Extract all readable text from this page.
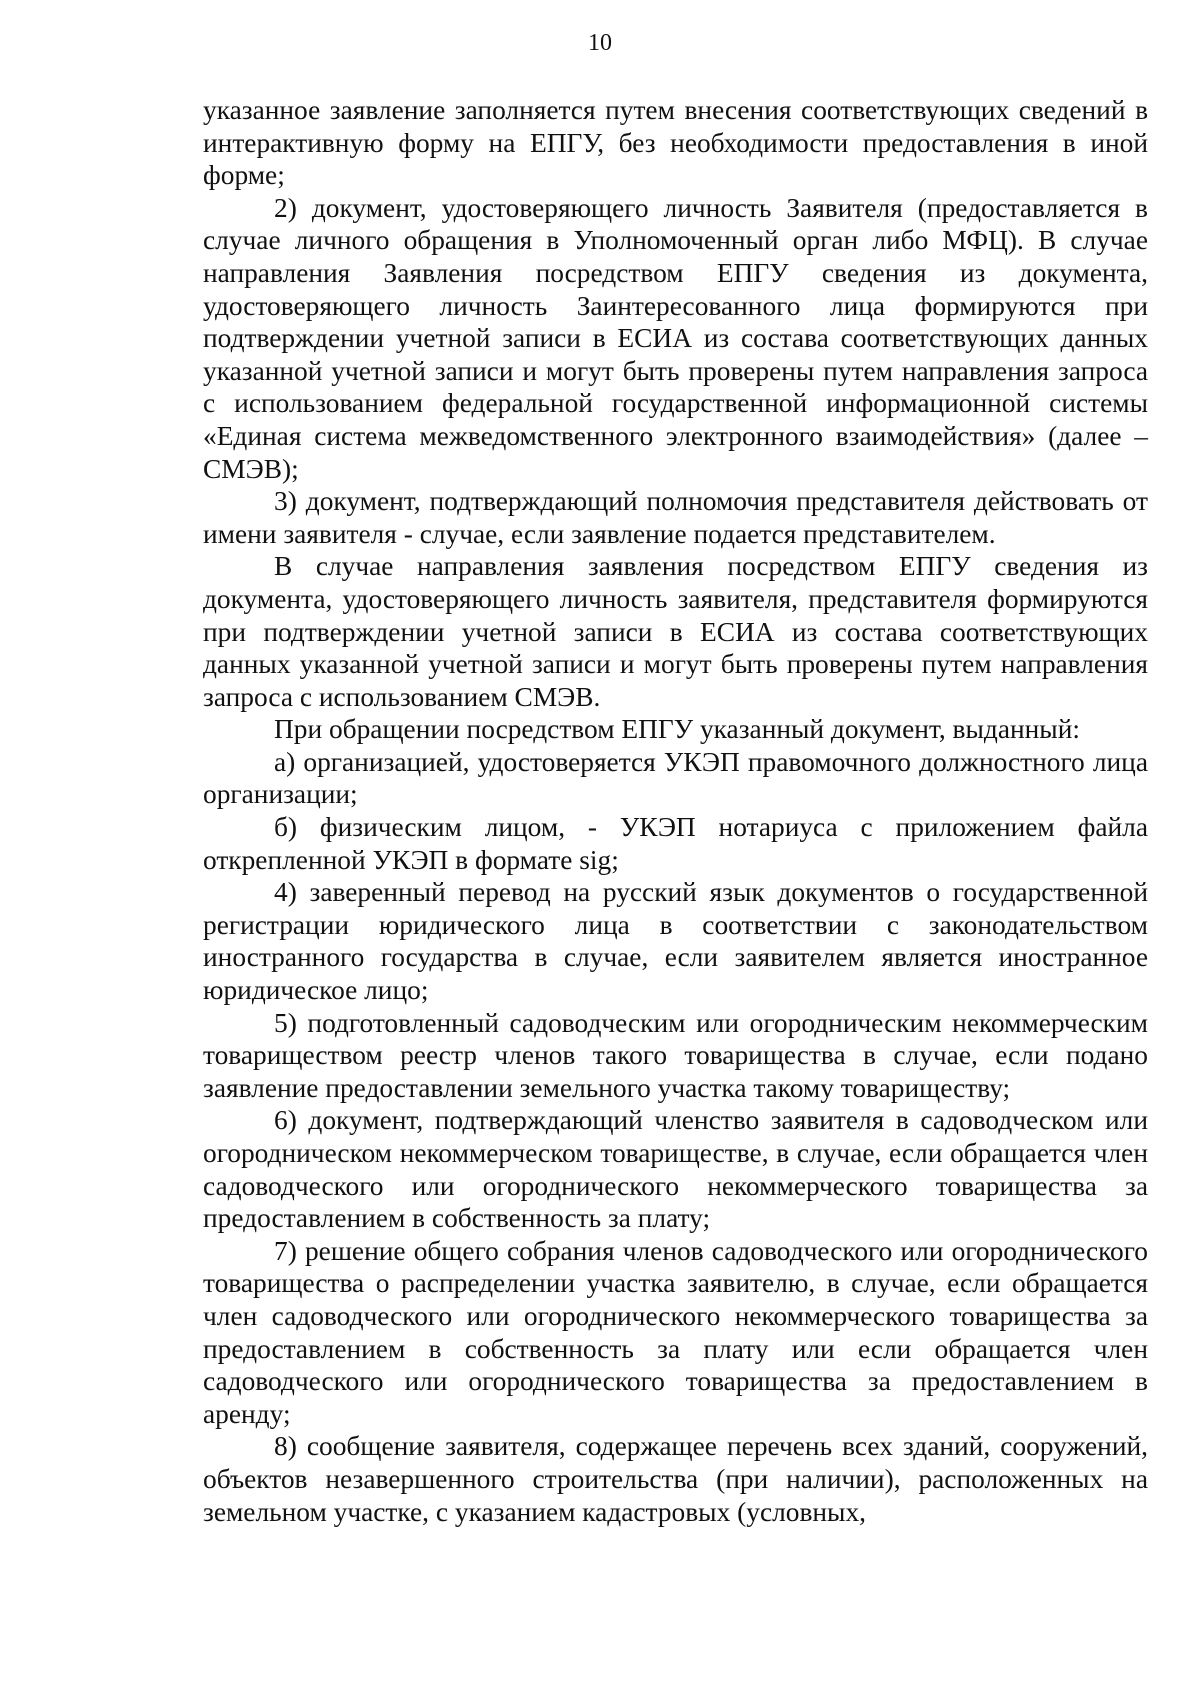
10

указанное заявление заполняется путем внесения соответствующих сведений в интерактивную форму на ЕПГУ, без необходимости предоставления в иной форме;

2) документ, удостоверяющего личность Заявителя (предоставляется в случае личного обращения в Уполномоченный орган либо МФЦ). В случае направления Заявления посредством ЕПГУ сведения из документа, удостоверяющего личность Заинтересованного лица формируются при подтверждении учетной записи в ЕСИА из состава соответствующих данных указанной учетной записи и могут быть проверены путем направления запроса с использованием федеральной государственной информационной системы «Единая система межведомственного электронного взаимодействия» (далее – СМЭВ);

3) документ, подтверждающий полномочия представителя действовать от имени заявителя - случае, если заявление подается представителем.

В случае направления заявления посредством ЕПГУ сведения из документа, удостоверяющего личность заявителя, представителя формируются при подтверждении учетной записи в ЕСИА из состава соответствующих данных указанной учетной записи и могут быть проверены путем направления запроса с использованием СМЭВ.

При обращении посредством ЕПГУ указанный документ, выданный:

а) организацией, удостоверяется УКЭП правомочного должностного лица организации;

б) физическим лицом, - УКЭП нотариуса с приложением файла открепленной УКЭП в формате sig;

4) заверенный перевод на русский язык документов о государственной регистрации юридического лица в соответствии с законодательством иностранного государства в случае, если заявителем является иностранное юридическое лицо;

5) подготовленный садоводческим или огородническим некоммерческим товариществом реестр членов такого товарищества в случае, если подано заявление предоставлении земельного участка такому товариществу;

6) документ, подтверждающий членство заявителя в садоводческом или огородническом некоммерческом товариществе, в случае, если обращается член садоводческого или огороднического некоммерческого товарищества за предоставлением в собственность за плату;

7) решение общего собрания членов садоводческого или огороднического товарищества о распределении участка заявителю, в случае, если обращается член садоводческого или огороднического некоммерческого товарищества за предоставлением в собственность за плату или если обращается член садоводческого или огороднического товарищества за предоставлением в аренду;

8) сообщение заявителя, содержащее перечень всех зданий, сооружений, объектов незавершенного строительства (при наличии), расположенных на земельном участке, с указанием кадастровых (условных,
